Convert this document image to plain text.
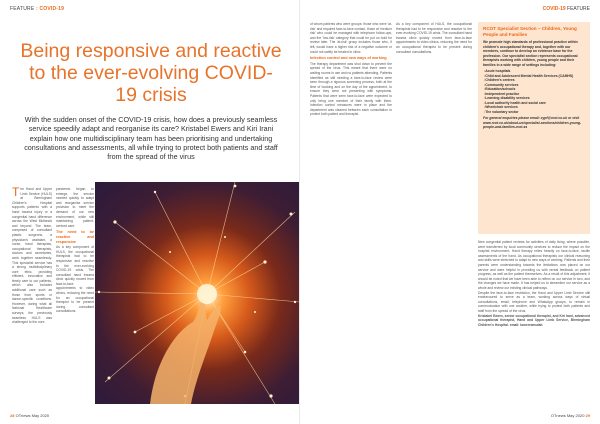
FEATURE : COVID-19
Being responsive and reactive to the ever-evolving COVID-19 crisis

With the sudden onset of the COVID-19 crisis, how does a previously seamless service speedily adapt and reorganise its care? Kristabel Ewers and Kiri Irani explain how one multidisciplinary team has been prioritising and undertaking consultations and assessments, all while trying to protect both patients and staff from the spread of the virus

T he Hand and Upper Limb Service (HULS) at Birmingham Children's Hospital supports patients with a hand trauma injury or a congenital hand difference across the West Midlands and beyond. The team, comprised of consultant plastic surgeons, a physician's assistant, a nurse, hand therapists, occupational therapists, doctors and secretaries, work together seamlessly. This specialist service has a strong multidisciplinary core ethic, providing efficient, innovative and timely care to our patients, which also includes additional care such as those from sports or dance-specific conditions. However, during what all National Healthcare surveys, the previously seamless HULS was challenged to the core.
pandemic began to emerge, the service needed quickly to adapt and reorganise service provision to meet the demand of our new environment, while still maintaining patient-centred care.
The need to be reactive and responsive
As a key component of HULS, the occupational therapists had to be responsive and reactive to the ever-evolving COVID-19 crisis. The consultant hand trauma clinic quickly moved from face-to-face appointments to video clinics, reducing the need for an occupational therapist to be present during consultant consultations.
28 OTnews May 2020
COVID-19 FEATURE
of whom patients who were groups: those who were 'at-risk' and required face-to-face contact, those at 'medium risk' who could be managed with telephone follow-ups, and the 'low-risk' category that could be put on hold for review later. The 'at-risk' group includes those who, if left, would have a higher risk of a negative outcome or could not safely be treated in clinic.
Infection control and new ways of working
The therapy department was shut down to prevent the spread of the virus. This meant that there were no waiting rooms in use and no patients attending. Patients identified as still needing a face-to-face review were seen through a rigorous screening process, both at the time of booking and on the day of the appointment, to ensure they were not presenting with symptoms. Patients that were seen face-to-face were expected to only bring one member of their family with them. Infection control measures were in place and the department was cleaned between each consultation to protect both patient and therapist.
As a key component of HULS, the occupational therapists had to be responsive and reactive to the ever-evolving COVID-19 crisis. The consultant hand trauma clinic quickly moved from face-to-face appointments to video clinics, reducing the need for an occupational therapist to be present during consultant consultations.
New congenital patient reviews for activities of daily living, where possible, were transferred by local community services to reduce the impact on the hospital environment. Hand therapy relies heavily on face-to-face, tactile assessments of the hand. As occupational therapists our clinical reasoning and skills were stretched to adapt to new ways of working. Patients and their parents were understanding towards the limitations now placed on our service and were helpful in providing us with verbal feedback on patient progress, as well as the patient themselves. As a result of this adjustment, it should be noted that we have been able to reflect on our service in turn, and the changes we have made. It has helped us to streamline our service as a whole and review our existing clinical pathways.
Despite the face-to-face restriction, the Hand and Upper Limb Service still endeavoured to serve as a team, working across ways of virtual consultations, email, telephone and WhatsApp groups, to remain in communication with one another, while trying to protect both patients and staff from the spread of the virus.
Kristabel Ewers, senior occupational therapist, and Kiri Irani, advanced occupational therapist, Hand and Upper Limb Service, Birmingham Children's Hospital. email: kanereamutah
OTnews May 2020 29
RCOT Specialist Section – Children, Young People and Families

We promote high standards of professional practice within children's occupational therapy and, together with our members, continue to develop an evidence base for the profession. Our specialist section represents occupational therapists working with children, young people and their families in a wide range of settings including:

• Acute hospitals
• Child and Adolescent Mental Health Services (CAMHS)
• Children's centres
• Community services
• Education/schools
• Independent practice
• Learning disability services
• Local authority health and social care
• Wheelchair services
• The voluntary sector

For general enquiries please email: cypf@rcot.co.uk or visit www.rcot.co.uk/about-us/specialist-sections/children-young-people-and-families-rcot-ss
